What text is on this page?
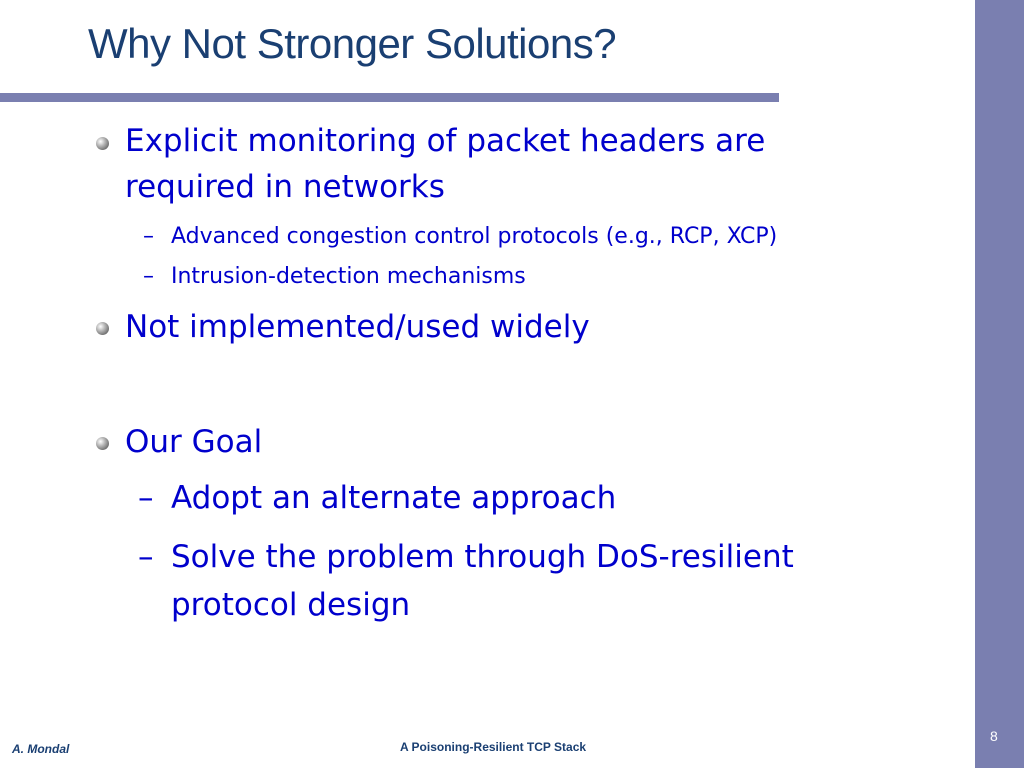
Why Not Stronger Solutions?
Explicit monitoring of packet headers are
required in networks
– Advanced congestion control protocols (e.g., RCP, XCP)
– Intrusion-detection mechanisms
Not implemented/used widely
Our Goal
– Adopt an alternate approach
– Solve the problem through DoS-resilient
protocol design
A. Mondal	A Poisoning-Resilient TCP Stack
8
